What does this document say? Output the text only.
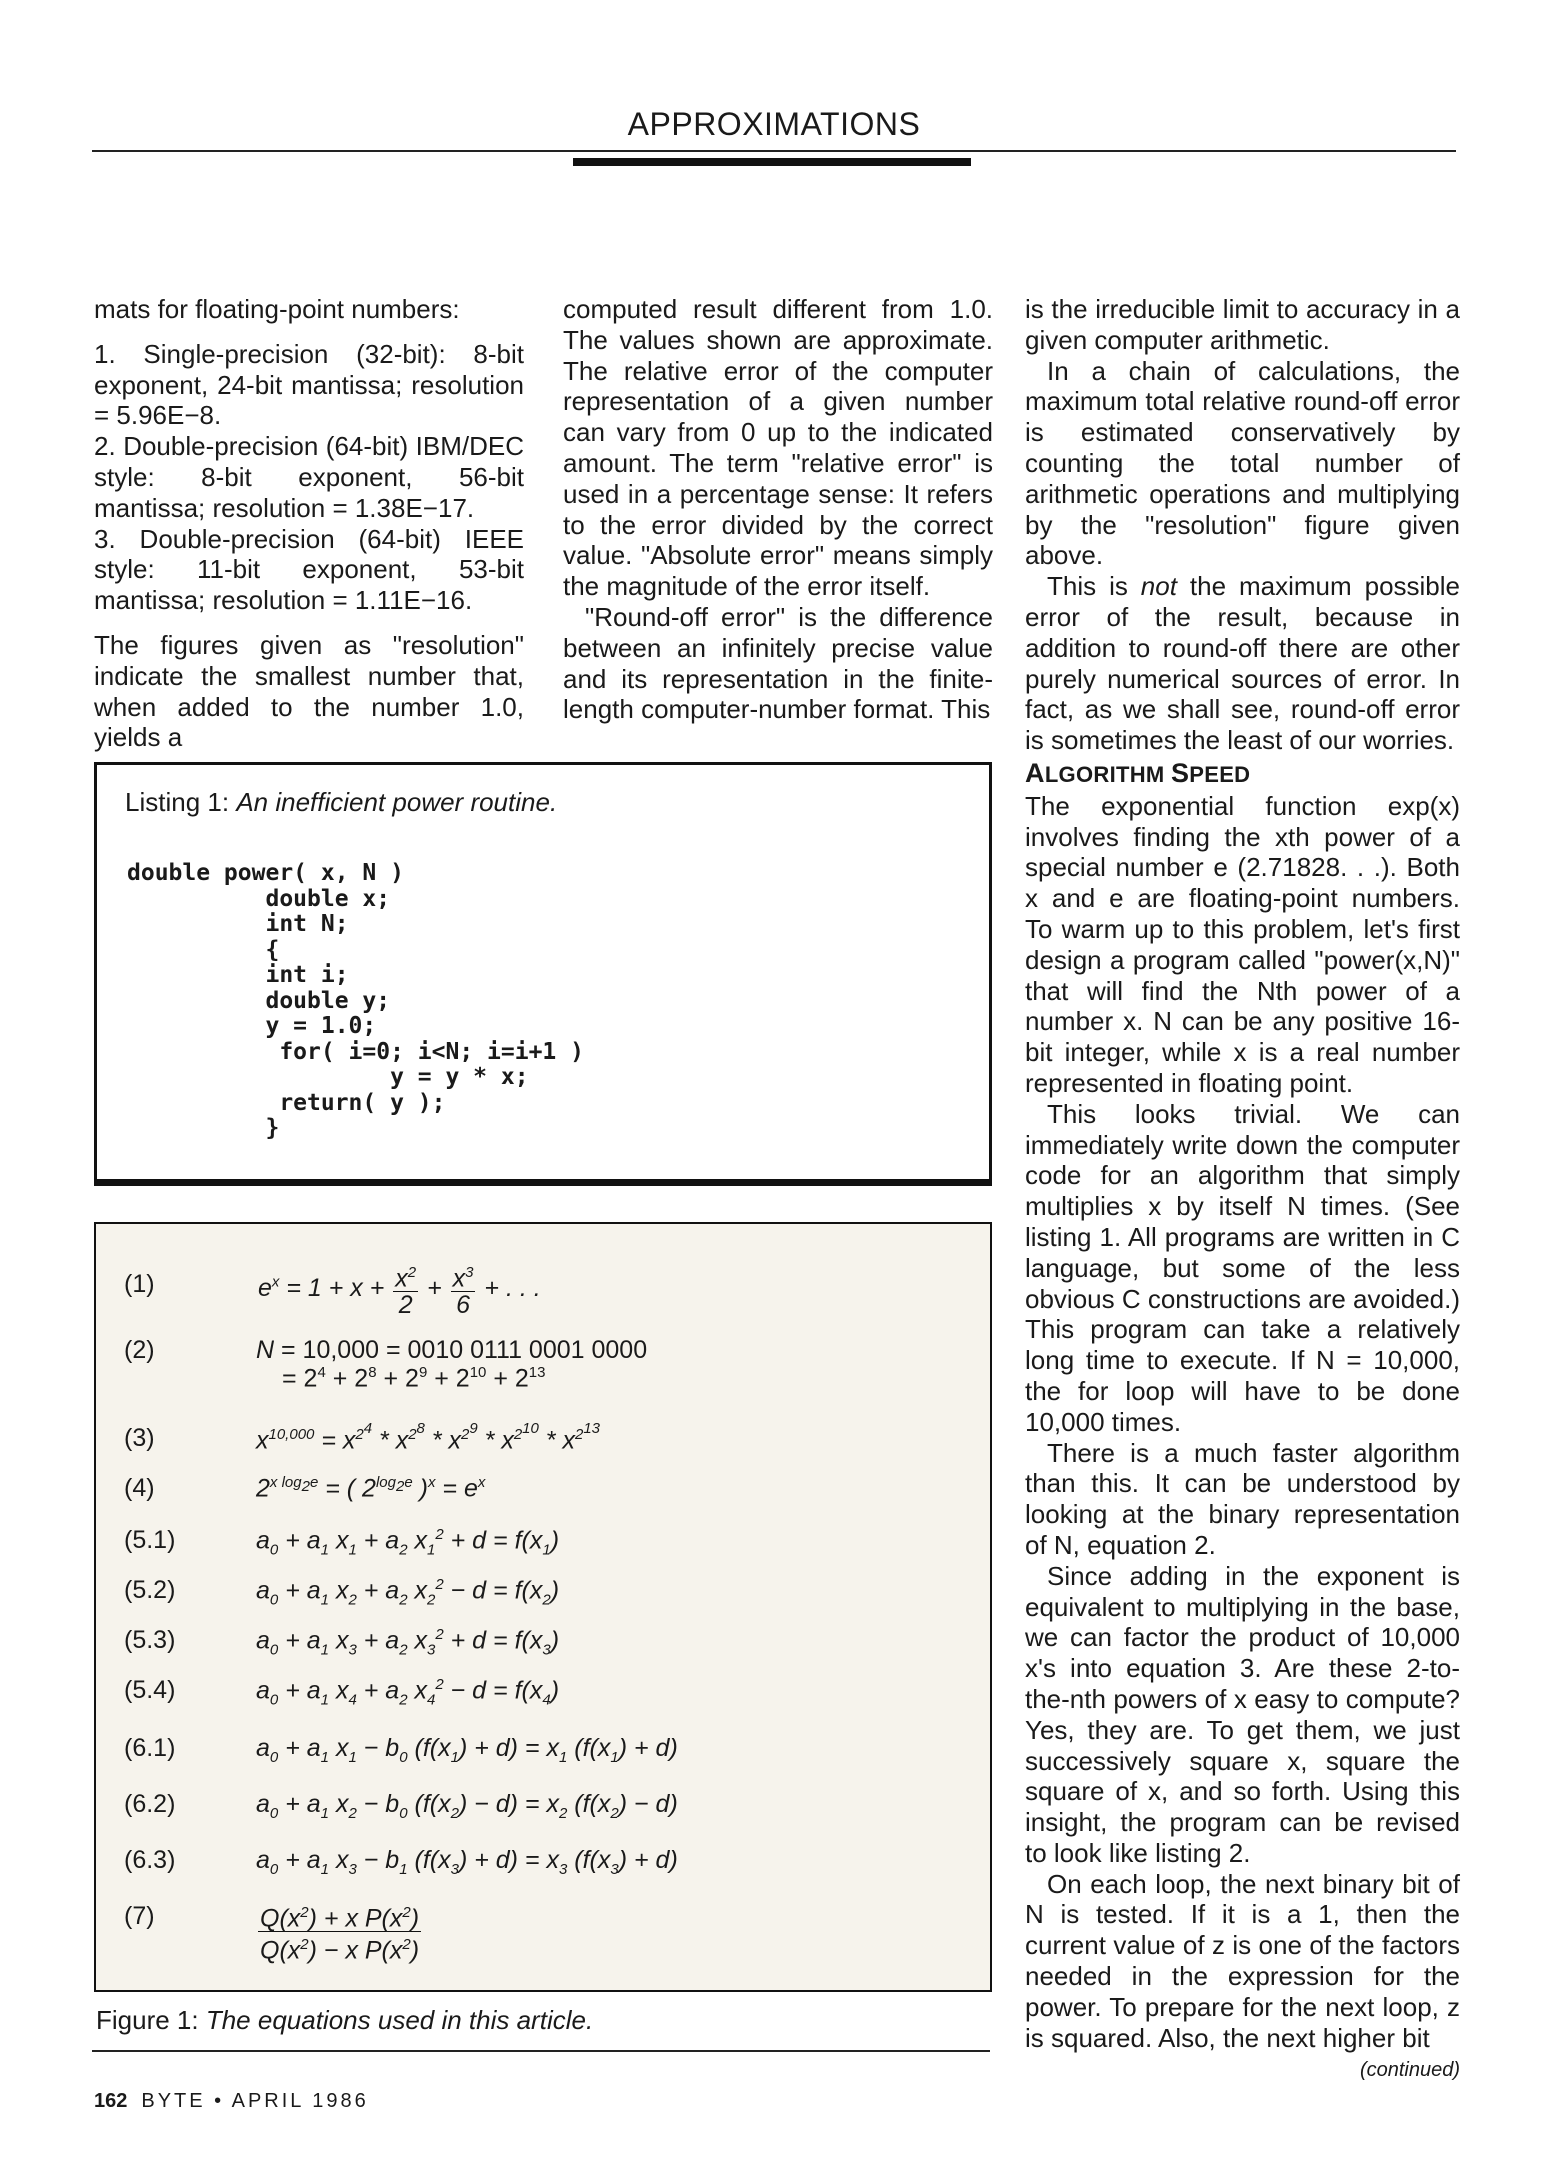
APPROXIMATIONS

mats for floating-point numbers:

1. Single-precision (32-bit): 8-bit exponent, 24-bit mantissa; resolution = 5.96E−8.

2. Double-precision (64-bit) IBM/DEC style: 8-bit exponent, 56-bit mantissa; resolution = 1.38E−17.

3. Double-precision (64-bit) IEEE style: 11-bit exponent, 53-bit mantissa; resolution = 1.11E−16.

The figures given as "resolution" indicate the smallest number that, when added to the number 1.0, yields a

computed result different from 1.0. The values shown are approximate. The relative error of the computer representation of a given number can vary from 0 up to the indicated amount. The term "relative error" is used in a percentage sense: It refers to the error divided by the correct value. "Absolute error" means simply the magnitude of the error itself.

"Round-off error" is the difference between an infinitely precise value and its representation in the finite-length computer-number format. This

is the irreducible limit to accuracy in a given computer arithmetic.

In a chain of calculations, the maximum total relative round-off error is estimated conservatively by counting the total number of arithmetic operations and multiplying by the "resolution" figure given above.

This is not the maximum possible error of the result, because in addition to round-off there are other purely numerical sources of error. In fact, as we shall see, round-off error is sometimes the least of our worries.

ALGORITHM SPEED

The exponential function exp(x) involves finding the xth power of a special number e (2.71828. . .). Both x and e are floating-point numbers. To warm up to this problem, let's first design a program called "power(x,N)" that will find the Nth power of a number x. N can be any positive 16-bit integer, while x is a real number represented in floating point.

This looks trivial. We can immediately write down the computer code for an algorithm that simply multiplies x by itself N times. (See listing 1. All programs are written in C language, but some of the less obvious C constructions are avoided.) This program can take a relatively long time to execute. If N = 10,000, the for loop will have to be done 10,000 times.

There is a much faster algorithm than this. It can be understood by looking at the binary representation of N, equation 2.

Since adding in the exponent is equivalent to multiplying in the base, we can factor the product of 10,000 x's into equation 3. Are these 2-to-the-nth powers of x easy to compute? Yes, they are. To get them, we just successively square x, square the square of x, and so forth. Using this insight, the program can be revised to look like listing 2.

On each loop, the next binary bit of N is tested. If it is a 1, then the current value of z is one of the factors needed in the expression for the power. To prepare for the next loop, z is squared. Also, the next higher bit

(continued)
Listing 1: An inefficient power routine.
double power( x, N )
double x;
int N;
{
int i;
double y;
y = 1.0;
for( i=0; i<N; i=i+1 )
y = y * x;
return( y );
}
(1)	$e^x = 1 + x + \frac{x^2}{2} + \frac{x^3}{6}$ + . . .
(2)	N = 10,000 = 0010 0111 0001 0000
= $2^4 + 2^8 + 2^9 + 2^{10} + 2^{13}$
(3)	$x^{10,000} = x^{2^4} * x^{2^8} * x^{2^9} * x^{2^{10}} * x^{2^{13}}$
(4)	$2^{x log_2e}$ = ( $2^{log_2e}$ )$^x = e^x$
(5.1)	$a_0 + a_1$ $x_1 + a_2$ $x_1^2 + d = f(x_1)$
(5.2)	$a_0 + a_1$ $x_2 + a_2$ $x_2^2 - d = f(x_2)$
(5.3)	$a_0 + a_1$ $x_3 + a_2$ $x_3^2 + d = f(x_3)$
(5.4)	$a_0 + a_1$ $x_4 + a_2$ $x_4^2 - d = f(x_4)$
(6.1)	$a_0 + a_1$ $x_1 - b_0$ $(f(x_1) + d) = x_1$ $(f(x_1) + d)$
(6.2)	$a_0 + a_1$ $x_2 - b_0$ $(f(x_2) - d) = x_2$ $(f(x_2) - d)$
(6.3)	$a_0 + a_1$ $x_3 - b_1$ $(f(x_3) + d) = x_3$ $(f(x_3) + d)$
(7)	$\frac{Q(x^2) + x P(x^2)}{Q(x^2) - x P(x^2)}$
Figure 1: The equations used in this article.
162 BYTE • APRIL 1986
